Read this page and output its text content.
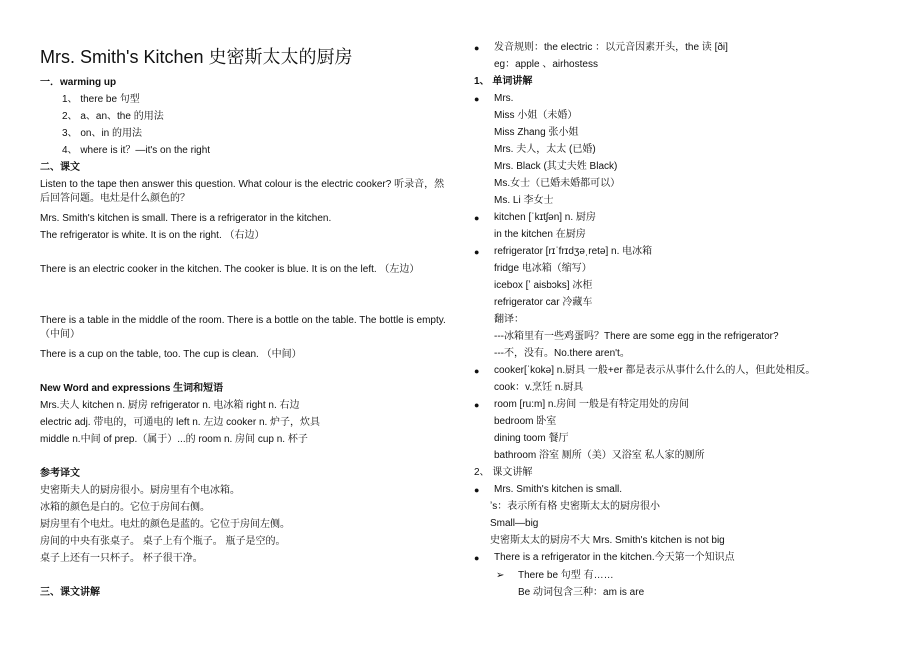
Mrs. Smith's Kitchen 史密斯太太的厨房
一．warming up
1、 there be 句型
2、 a、an、the 的用法
3、 on、in 的用法
4、 where is it？—it's on the right
二、课文
Listen to the tape then answer this question. What colour is the electric cooker? 听录音，然后回答问题。电灶是什么颜色的？
Mrs. Smith's kitchen is small. There is a refrigerator in the kitchen.
The refrigerator is white. It is on the right. （右边）
There is an electric cooker in the kitchen. The cooker is blue. It is on the left. （左边）
There is a table in the middle of the room. There is a bottle on the table. The bottle is empty. （中间）
There is a cup on the table, too. The cup is clean. （中间）
New Word and expressions 生词和短语
Mrs.夫人 kitchen n. 厨房 refrigerator n. 电冰箱 right n. 右边
electric adj. 带电的，可通电的 left n. 左边 cooker n. 炉子，炊具
middle n.中间 of prep.（属于）...的 room n. 房间 cup n. 杯子
参考译文
史密斯夫人的厨房很小。厨房里有个电冰箱。
冰箱的颜色是白的。它位于房间右侧。
厨房里有个电灶。电灶的颜色是蓝的。它位于房间左侧。
房间的中央有张桌子。 桌子上有个瓶子。 瓶子是空的。
桌子上还有一只杯子。 杯子很干净。
三、课文讲解
● 发音规则：the electric ：以元音因素开头，the 读 [ði]
eg：apple 、airhostess
1、 单词讲解
● Mrs.
Miss 小姐（未婚）
Miss Zhang 张小姐
Mrs. 夫人，太太 (已婚)
Mrs. Black (其丈夫姓 Black)
Ms.女士（已婚未婚都可以）
Ms. Li 李女士
● kitchen [ˈkɪtʃən] n. 厨房
in the kitchen 在厨房
● refrigerator [rɪˈfrɪdʒəˌretə] n. 电冰箱
fridge 电冰箱（缩写）
icebox [ʼ aisbɔks] 冰柜
refrigerator car 冷藏车
翻译：
---冰箱里有一些鸡蛋吗？There are some egg in the refrigerator?
---不，没有。No.there aren't。
● cooker[ˈkokə] n.厨具 一般+er 都是表示从事什么什么的人，但此处相反。
cook：v.烹饪 n.厨具
● room [ru:m] n.房间 一般是有特定用处的房间
bedroom 卧室
dining toom 餐厅
bathroom 浴室 厕所（美）又浴室 私人家的厕所
2、 课文讲解
● Mrs. Smith's kitchen is small.
ʼs：表示所有格 史密斯太太的厨房很小
Small—big
史密斯太太的厨房不大 Mrs. Smith's kitchen is not big
● There is a refrigerator in the kitchen.今天第一个知识点
➢ There be 句型 有……
Be 动词包含三种：am is are
